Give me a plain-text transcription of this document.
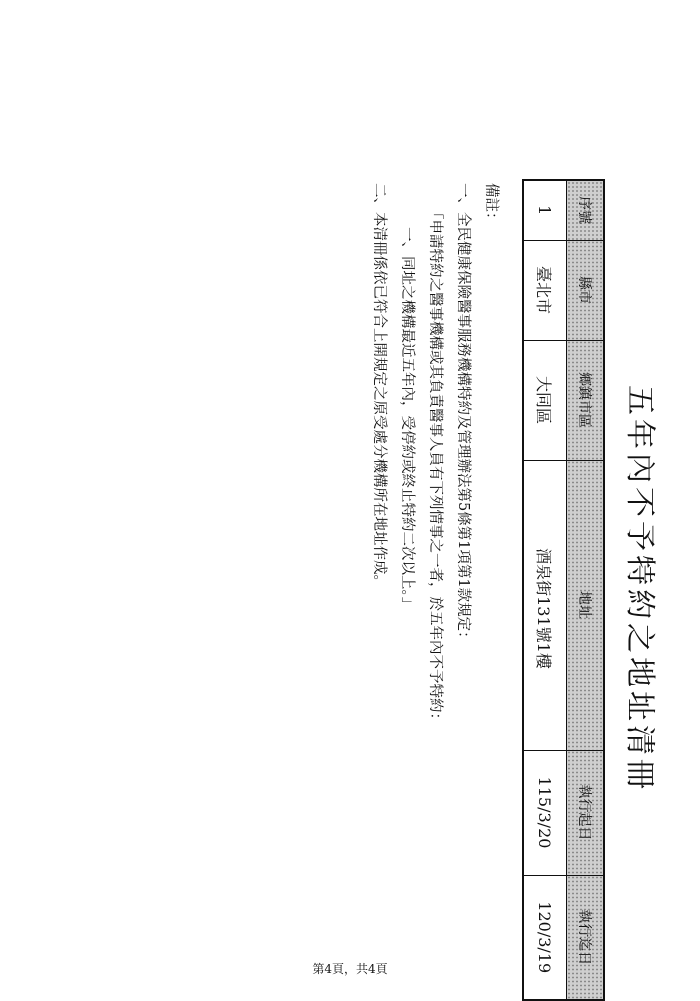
五年內不予特約之地址清冊
序號	縣市	鄉鎮市區	地址	執行起日	執行迄日
1	臺北市	大同區	酒泉街131號1樓	115/3/20	120/3/19
備註：
一、全民健康保險醫事服務機構特約及管理辦法第5條第1項第1款規定：
「申請特約之醫事機構或其負責醫事人員有下列情事之一者，於五年內不予特約：
一、同址之機構最近五年內，受停約或終止特約二次以上。」
二、本清冊係依已符合上開規定之原受處分機構所在地址作成。
第4頁，共4頁
